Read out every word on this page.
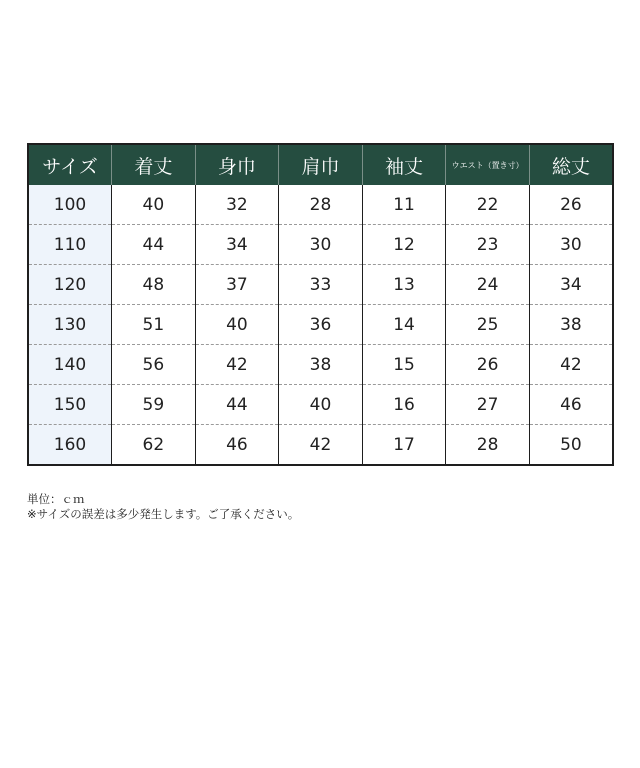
サイズ	着丈	身巾	肩巾	袖丈	ウエスト（置き寸）	総丈
100	40	32	28	11	22	26
110	44	34	30	12	23	30
120	48	37	33	13	24	34
130	51	40	36	14	25	38
140	56	42	38	15	26	42
150	59	44	40	16	27	46
160	62	46	42	17	28	50
単位：ｃｍ
※サイズの誤差は多少発生します。ご了承ください。
